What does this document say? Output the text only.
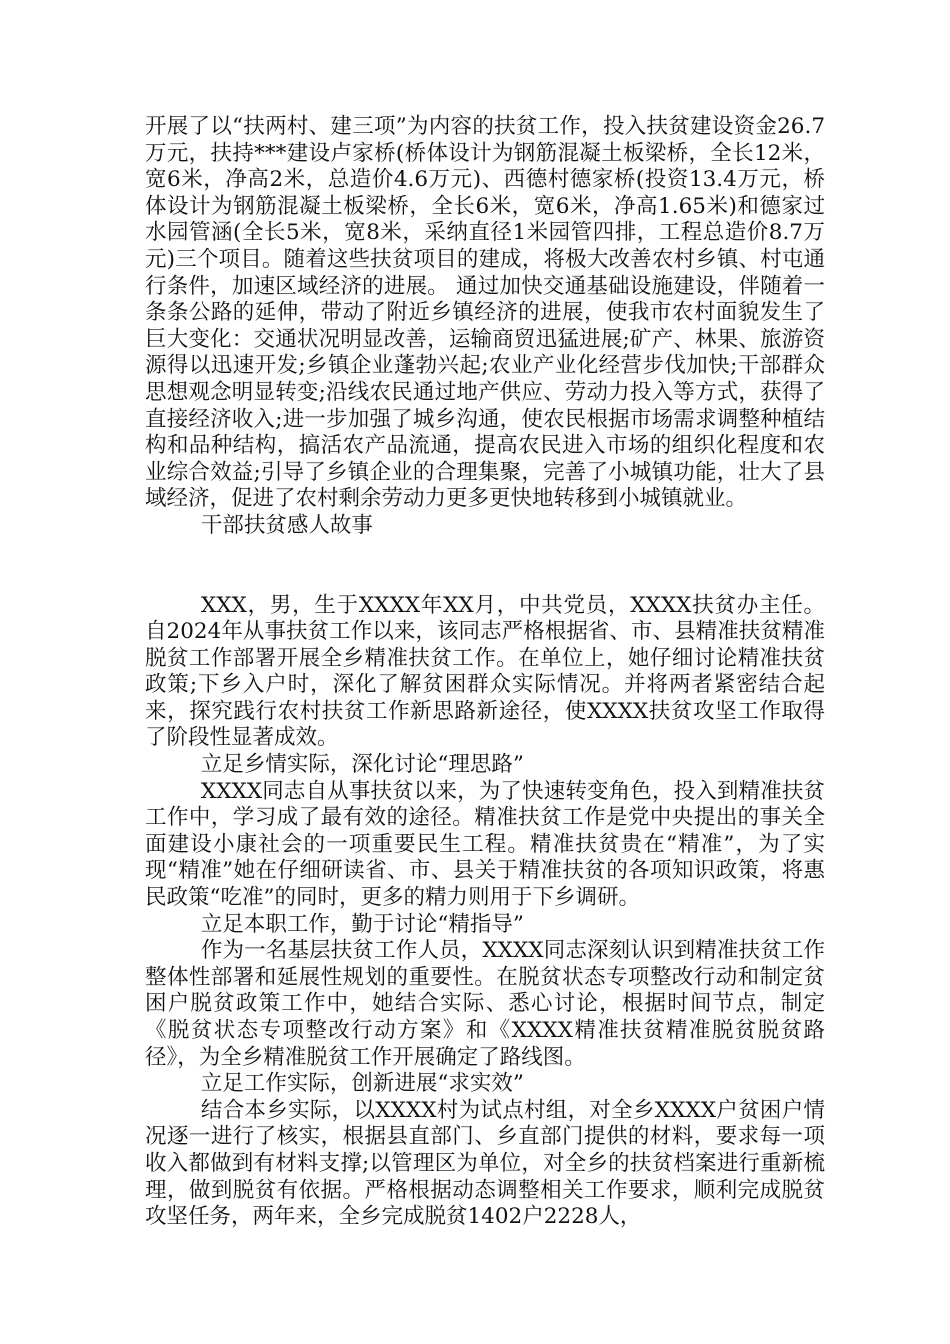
开展了以“扶两村、建三项”为内容的扶贫工作，投入扶贫建设资金26.7万元，扶持***建设卢家桥(桥体设计为钢筋混凝土板梁桥，全长12米，宽6米，净高2米，总造价4.6万元)、西德村德家桥(投资13.4万元，桥体设计为钢筋混凝土板梁桥，全长6米，宽6米，净高1.65米)和德家过水园管涵(全长5米，宽8米，采纳直径1米园管四排，工程总造价8.7万元)三个项目。随着这些扶贫项目的建成，将极大改善农村乡镇、村屯通行条件，加速区域经济的进展。 通过加快交通基础设施建设，伴随着一条条公路的延伸，带动了附近乡镇经济的进展，使我市农村面貌发生了巨大变化：交通状况明显改善，运输商贸迅猛进展;矿产、林果、旅游资源得以迅速开发;乡镇企业蓬勃兴起;农业产业化经营步伐加快;干部群众思想观念明显转变;沿线农民通过地产供应、劳动力投入等方式，获得了直接经济收入;进一步加强了城乡沟通，使农民根据市场需求调整种植结构和品种结构，搞活农产品流通，提高农民进入市场的组织化程度和农业综合效益;引导了乡镇企业的合理集聚，完善了小城镇功能，壮大了县域经济，促进了农村剩余劳动力更多更快地转移到小城镇就业。

干部扶贫感人故事

XXX，男，生于XXXX年XX月，中共党员，XXXX扶贫办主任。自2024年从事扶贫工作以来，该同志严格根据省、市、县精准扶贫精准脱贫工作部署开展全乡精准扶贫工作。在单位上，她仔细讨论精准扶贫政策;下乡入户时，深化了解贫困群众实际情况。并将两者紧密结合起来，探究践行农村扶贫工作新思路新途径，使XXXX扶贫攻坚工作取得了阶段性显著成效。

立足乡情实际，深化讨论“理思路”

XXXX同志自从事扶贫以来，为了快速转变角色，投入到精准扶贫工作中，学习成了最有效的途径。精准扶贫工作是党中央提出的事关全面建设小康社会的一项重要民生工程。精准扶贫贵在“精准”，为了实现“精准”她在仔细研读省、市、县关于精准扶贫的各项知识政策，将惠民政策“吃准”的同时，更多的精力则用于下乡调研。

立足本职工作，勤于讨论“精指导”

作为一名基层扶贫工作人员，XXXX同志深刻认识到精准扶贫工作整体性部署和延展性规划的重要性。在脱贫状态专项整改行动和制定贫困户脱贫政策工作中，她结合实际、悉心讨论，根据时间节点，制定《脱贫状态专项整改行动方案》和《XXXX精准扶贫精准脱贫脱贫路径》，为全乡精准脱贫工作开展确定了路线图。

立足工作实际，创新进展“求实效”

结合本乡实际，以XXXX村为试点村组，对全乡XXXX户贫困户情况逐一进行了核实，根据县直部门、乡直部门提供的材料，要求每一项收入都做到有材料支撑;以管理区为单位，对全乡的扶贫档案进行重新梳理，做到脱贫有依据。严格根据动态调整相关工作要求，顺利完成脱贫攻坚任务，两年来，全乡完成脱贫1402户2228人，
